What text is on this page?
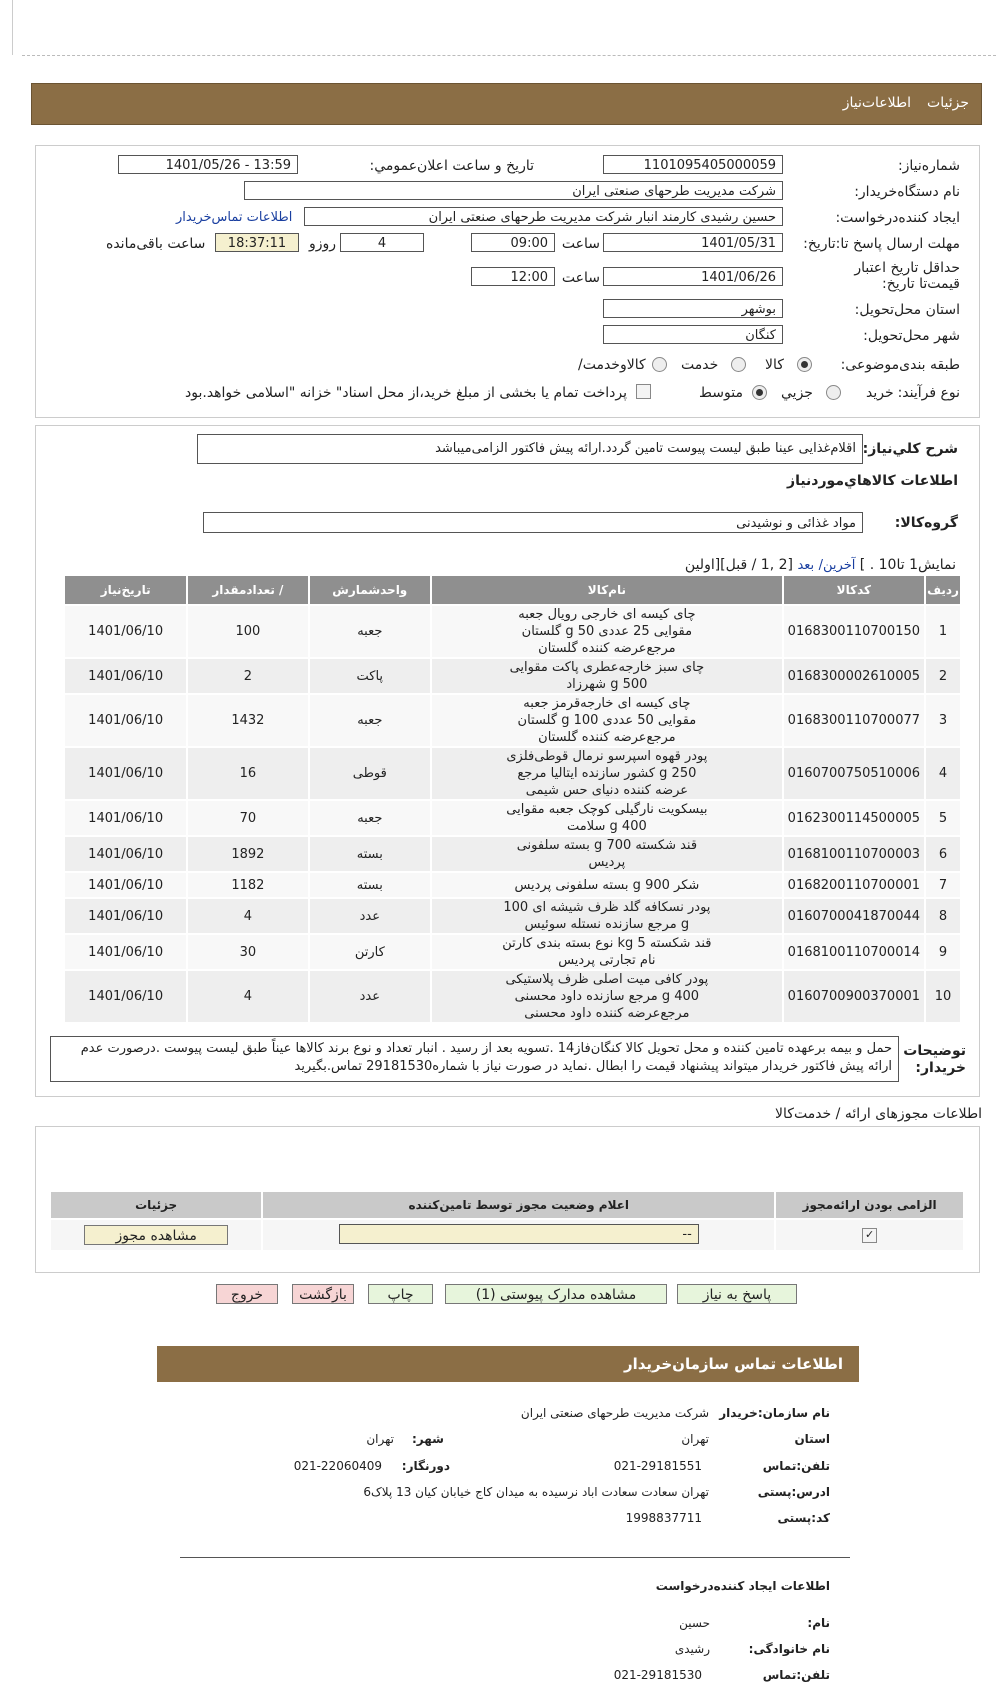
جزئیات
اطلاعات‌نیاز
شماره‌نیاز:
1101095405000059
تاریخ و ساعت اعلان‌عمومي:
1401/05/26 - 13:59
نام دستگاه‌خریدار:
شرکت مدیریت طرحهای صنعتی ایران
ایجاد کننده‌درخواست:
حسین رشیدی کارمند انبار شرکت مدیریت طرحهای صنعتی ایران
اطلاعات تماس‌خریدار
مهلت ارسال پاسخ تا:تاریخ:
1401/05/31
ساعت
09:00
4
روزو
18:37:11
ساعت باقی‌مانده
حداقل تاریخ اعتبار قیمت‌تا تاریخ:
1401/06/26
ساعت
12:00
استان محل‌تحویل:
بوشهر
شهر محل‌تحویل:
کنگان
طبقه بندی‌موضوعی:
کالا
خدمت
کالاوخدمت/
نوع فرآیند:
خرید
جزیي
متوسط
پرداخت تمام یا بخشی از مبلغ خرید،از محل اسناد" خزانه "اسلامی خواهد.بود
شرح کلي‌نیاز:
اقلام‌غذایی عینا طبق لیست پیوست تامین گردد.ارائه پیش فاکتور الزامی‌میباشد
اطلاعات کالاهاي‌موردنیاز
گروه‌کالا:
مواد غذائی و نوشیدنی
نمایش1 تا10 . ] آخرین/ بعد [2 ,1 / قبل][اولین
ردیف	کدکالا	نام‌کالا	واحدشمارش	/ تعدادمقدار	تاریخ‌نیاز
1	0168300110700150	چای کیسه ای خارجی رویال جعبه مقوایی 25 عددی 50 g گلستان مرجع‌عرضه کننده گلستان	جعبه	100	1401/06/10
2	0168300002610005	چای سبز خارجه‌عطری پاکت مقوایی 500 g شهرزاد	پاکت	2	1401/06/10
3	0168300110700077	چای کیسه ای خارجه‌قرمز جعبه مقوایی 50 عددی 100 g گلستان مرجع‌عرضه کننده گلستان	جعبه	1432	1401/06/10
4	0160700750510006	پودر قهوه اسپرسو نرمال قوطی‌فلزی 250 g کشور سازنده ایتالیا مرجع عرضه کننده دنیای حس شیمی	قوطی	16	1401/06/10
5	0162300114500005	بیسکویت نارگیلی کوچک جعبه مقوایی 400 g سلامت	جعبه	70	1401/06/10
6	0168100110700003	قند شکسته 700 g بسته سلفونی پردیس	بسته	1892	1401/06/10
7	0168200110700001	شکر 900 g بسته سلفونی پردیس	بسته	1182	1401/06/10
8	0160700041870044	پودر نسکافه گلد ظرف شیشه ای 100 g مرجع سازنده نستله سوئیس	عدد	4	1401/06/10
9	0168100110700014	قند شکسته 5 kg نوع بسته بندی کارتن نام تجارتی پردیس	کارتن	30	1401/06/10
10	0160700900370001	پودر کافی میت اصلی ظرف پلاستیکی 400 g مرجع سازنده داود محسنی مرجع‌عرضه کننده داود محسنی	عدد	4	1401/06/10
توضیحات خریدار:
حمل و بیمه برعهده تامین کننده و محل تحویل کالا کنگان‌فاز14 .تسویه بعد از رسید . انبار تعداد و نوع برند کالاها عیناً طبق لیست پیوست .درصورت عدم ارائه پیش فاکتور خریدار میتواند پیشنهاد قیمت را ابطال .نماید در صورت نیاز با شماره29181530 تماس.بگیرید
اطلاعات مجوزهای ارائه / خدمت‌کالا
الزامی بودن ارائه‌مجوز	اعلام وضعیت مجوز توسط تامین‌کننده	جزئیات
✓	--	مشاهده مجوز
پاسخ به نیاز
مشاهده مدارک پیوستی (1)
چاپ
بازگشت
خروج
اطلاعات تماس سازمان‌خریدار
نام سازمان:خریدار
شرکت مدیریت طرحهای صنعتی ایران
استان
تهران
شهر:
تهران
تلفن:تماس
021-29181551
دورنگار:
021-22060409
ادرس:پستی
تهران سعادت سعادت اباد نرسیده به میدان کاج خیابان کیان 13 پلاک6
کد:پستی
1998837711
اطلاعات ایجاد کننده‌درخواست
نام:
حسین
نام خانوادگی:
رشیدی
تلفن:تماس
021-29181530
